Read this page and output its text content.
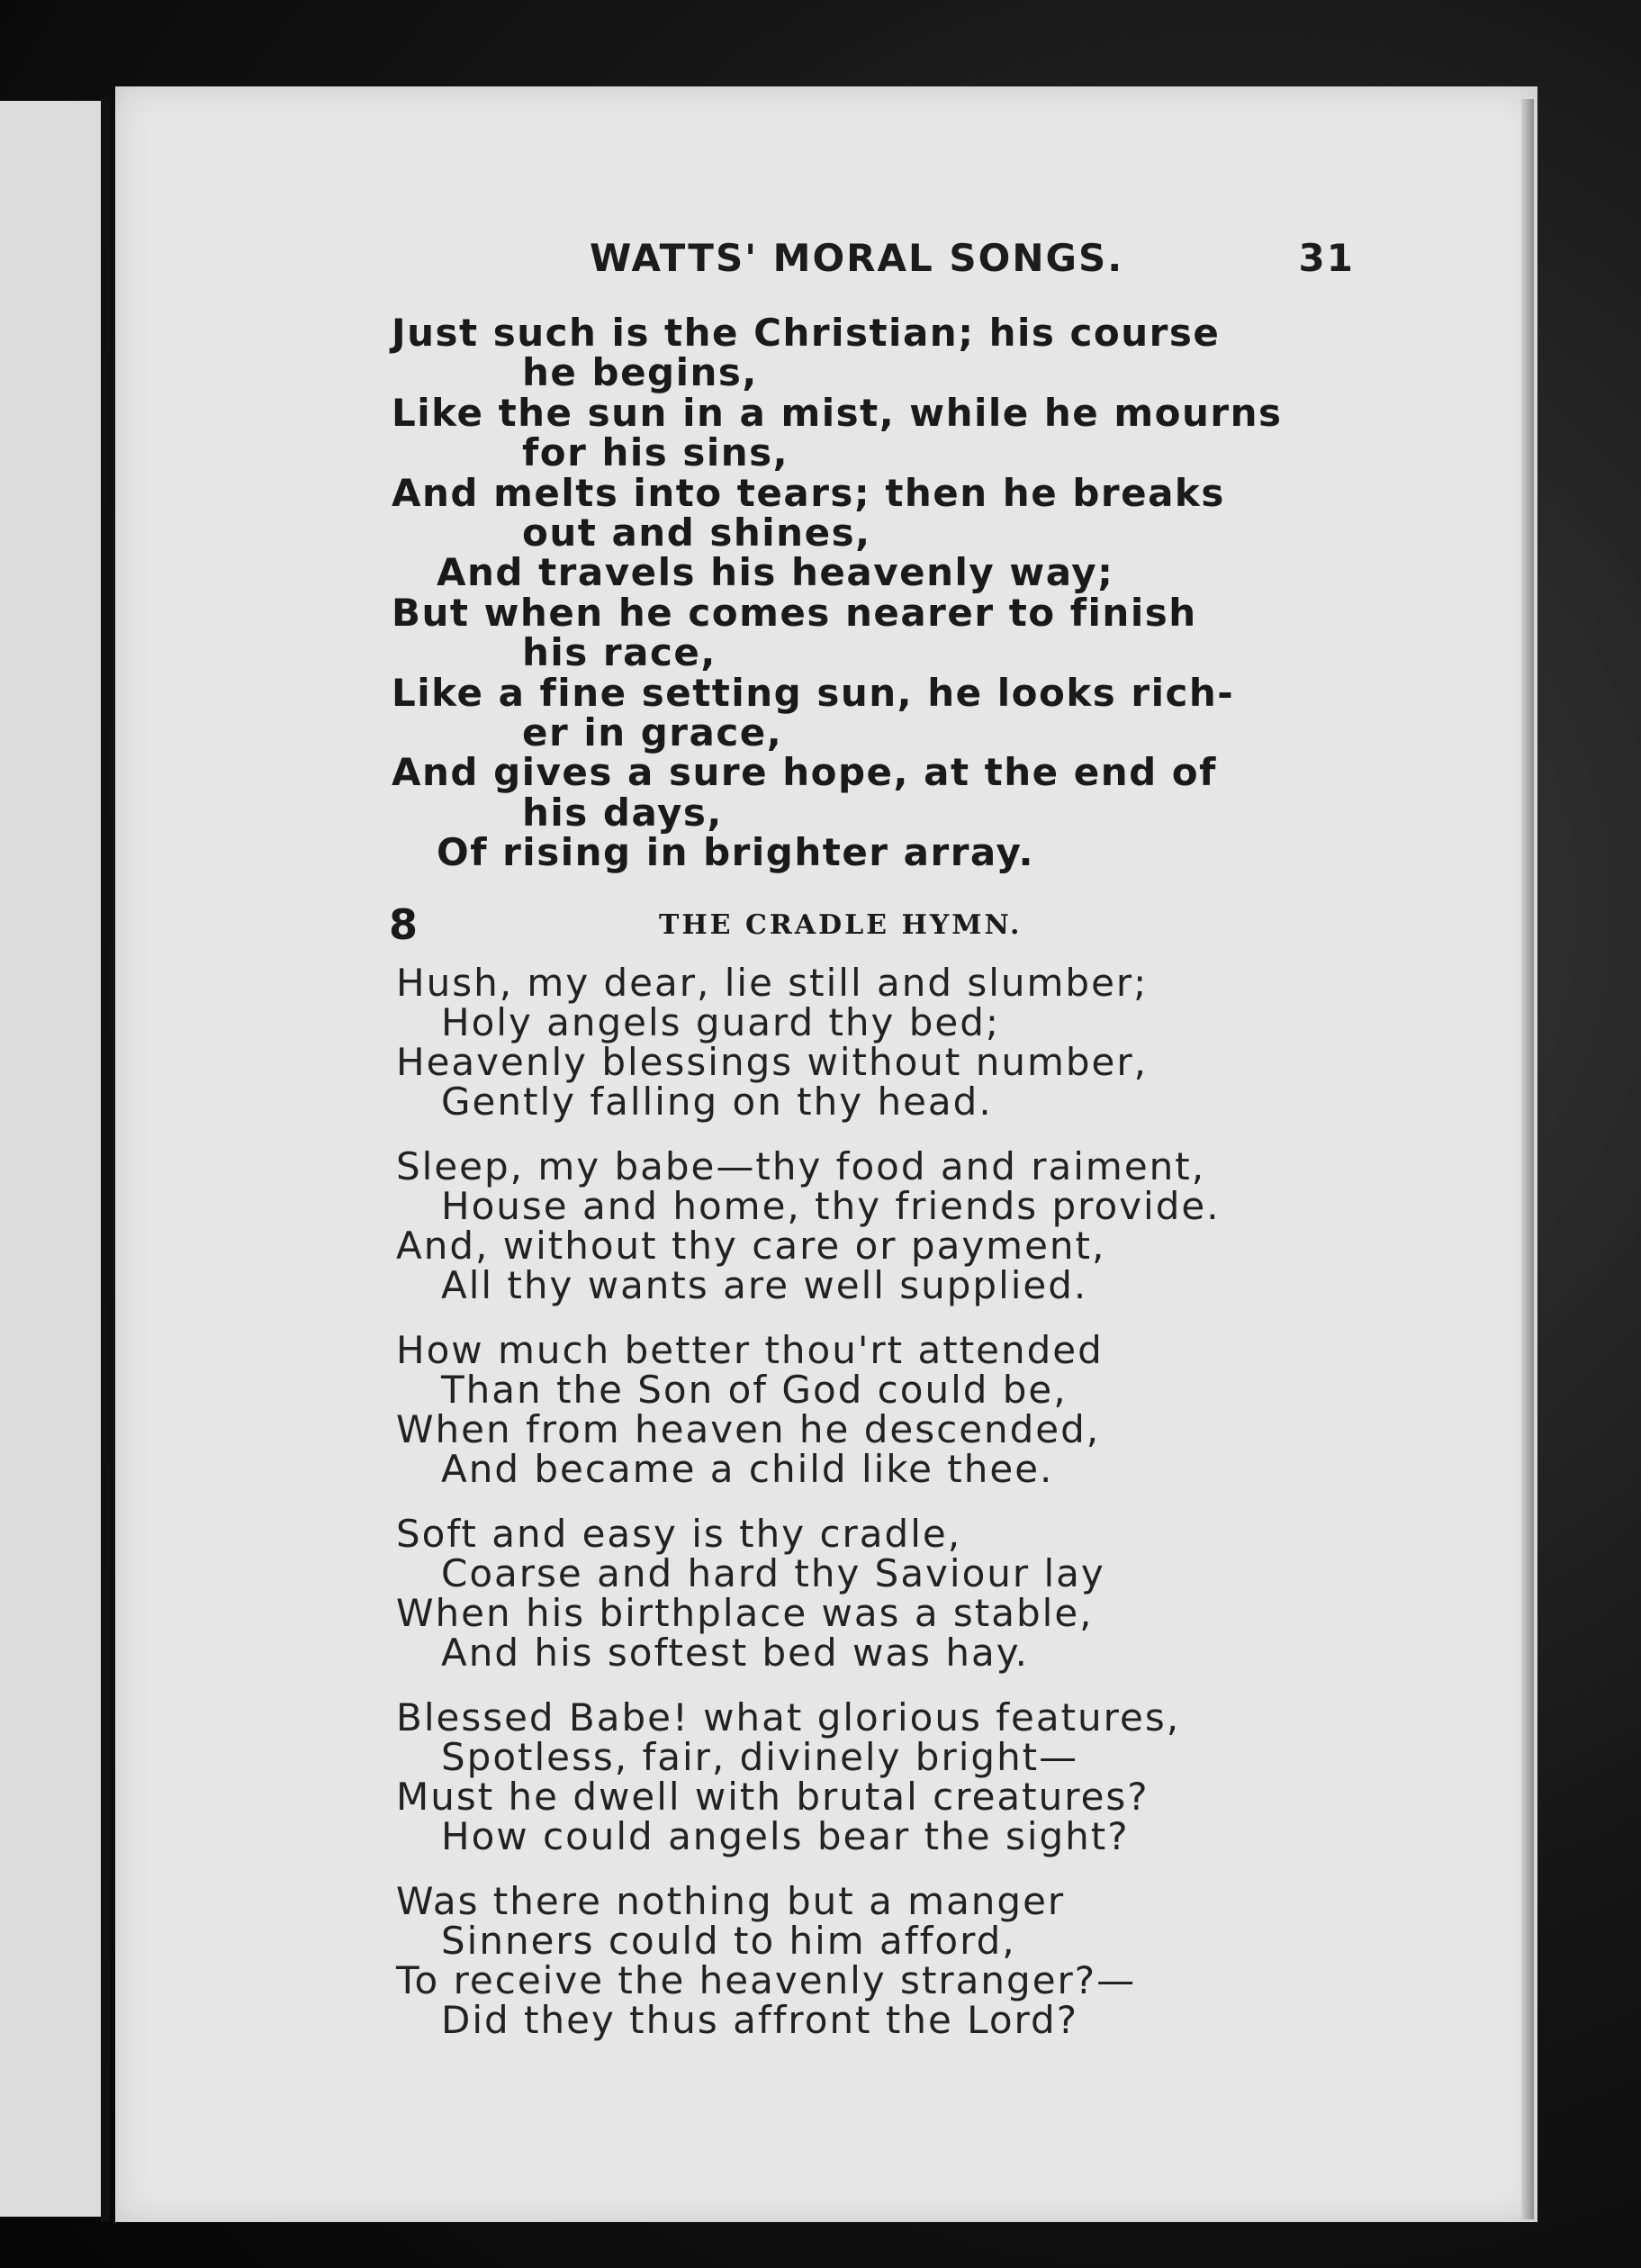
WATTS' MORAL SONGS.	31
Just such is the Christian; his course
he begins,
Like the sun in a mist, while he mourns
for his sins,
And melts into tears; then he breaks
out and shines,
And travels his heavenly way;
But when he comes nearer to finish
his race,
Like a fine setting sun, he looks rich-
er in grace,
And gives a sure hope, at the end of
his days,
Of rising in brighter array.
8	THE CRADLE HYMN.
Hush, my dear, lie still and slumber;
Holy angels guard thy bed;
Heavenly blessings without number,
Gently falling on thy head.
Sleep, my babe—thy food and raiment,
House and home, thy friends provide.
And, without thy care or payment,
All thy wants are well supplied.
How much better thou'rt attended
Than the Son of God could be,
When from heaven he descended,
And became a child like thee.
Soft and easy is thy cradle,
Coarse and hard thy Saviour lay
When his birthplace was a stable,
And his softest bed was hay.
Blessed Babe! what glorious features,
Spotless, fair, divinely bright—
Must he dwell with brutal creatures?
How could angels bear the sight?
Was there nothing but a manger
Sinners could to him afford,
To receive the heavenly stranger?—
Did they thus affront the Lord?
